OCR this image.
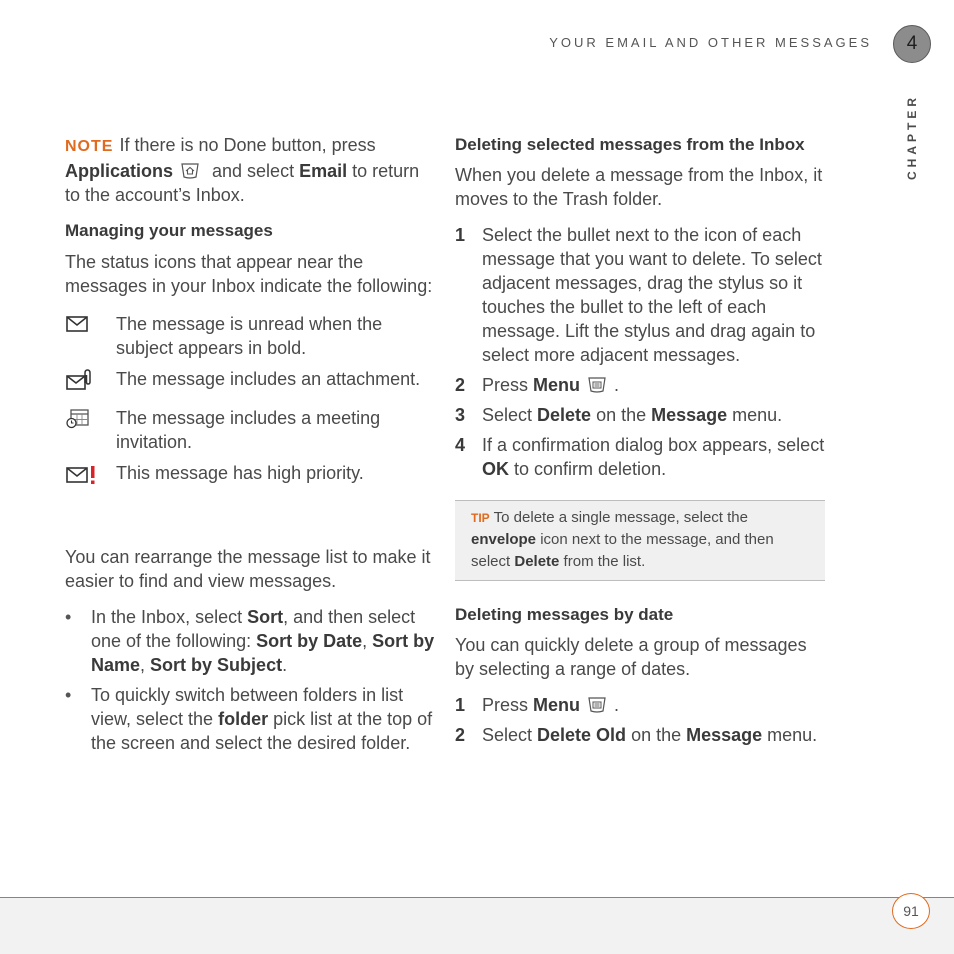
YOUR EMAIL AND OTHER MESSAGES	4
CHAPTER

NOTE If there is no Done button, press Applications and select Email to return to the account’s Inbox.

Managing your messages

The status icons that appear near the messages in your Inbox indicate the following:

The message is unread when the subject appears in bold.
The message includes an attachment.
The message includes a meeting invitation.
This message has high priority.

You can rearrange the message list to make it easier to find and view messages.

• In the Inbox, select Sort, and then select one of the following: Sort by Date, Sort by Name, Sort by Subject.
• To quickly switch between folders in list view, select the folder pick list at the top of the screen and select the desired folder.
Deleting selected messages from the Inbox

When you delete a message from the Inbox, it moves to the Trash folder.

1 Select the bullet next to the icon of each message that you want to delete. To select adjacent messages, drag the stylus so it touches the bullet to the left of each message. Lift the stylus and drag again to select more adjacent messages.
2 Press Menu .
3 Select Delete on the Message menu.
4 If a confirmation dialog box appears, select OK to confirm deletion.
TIP To delete a single message, select the envelope icon next to the message, and then select Delete from the list.
Deleting messages by date

You can quickly delete a group of messages by selecting a range of dates.

1 Press Menu .
2 Select Delete Old on the Message menu.
91
